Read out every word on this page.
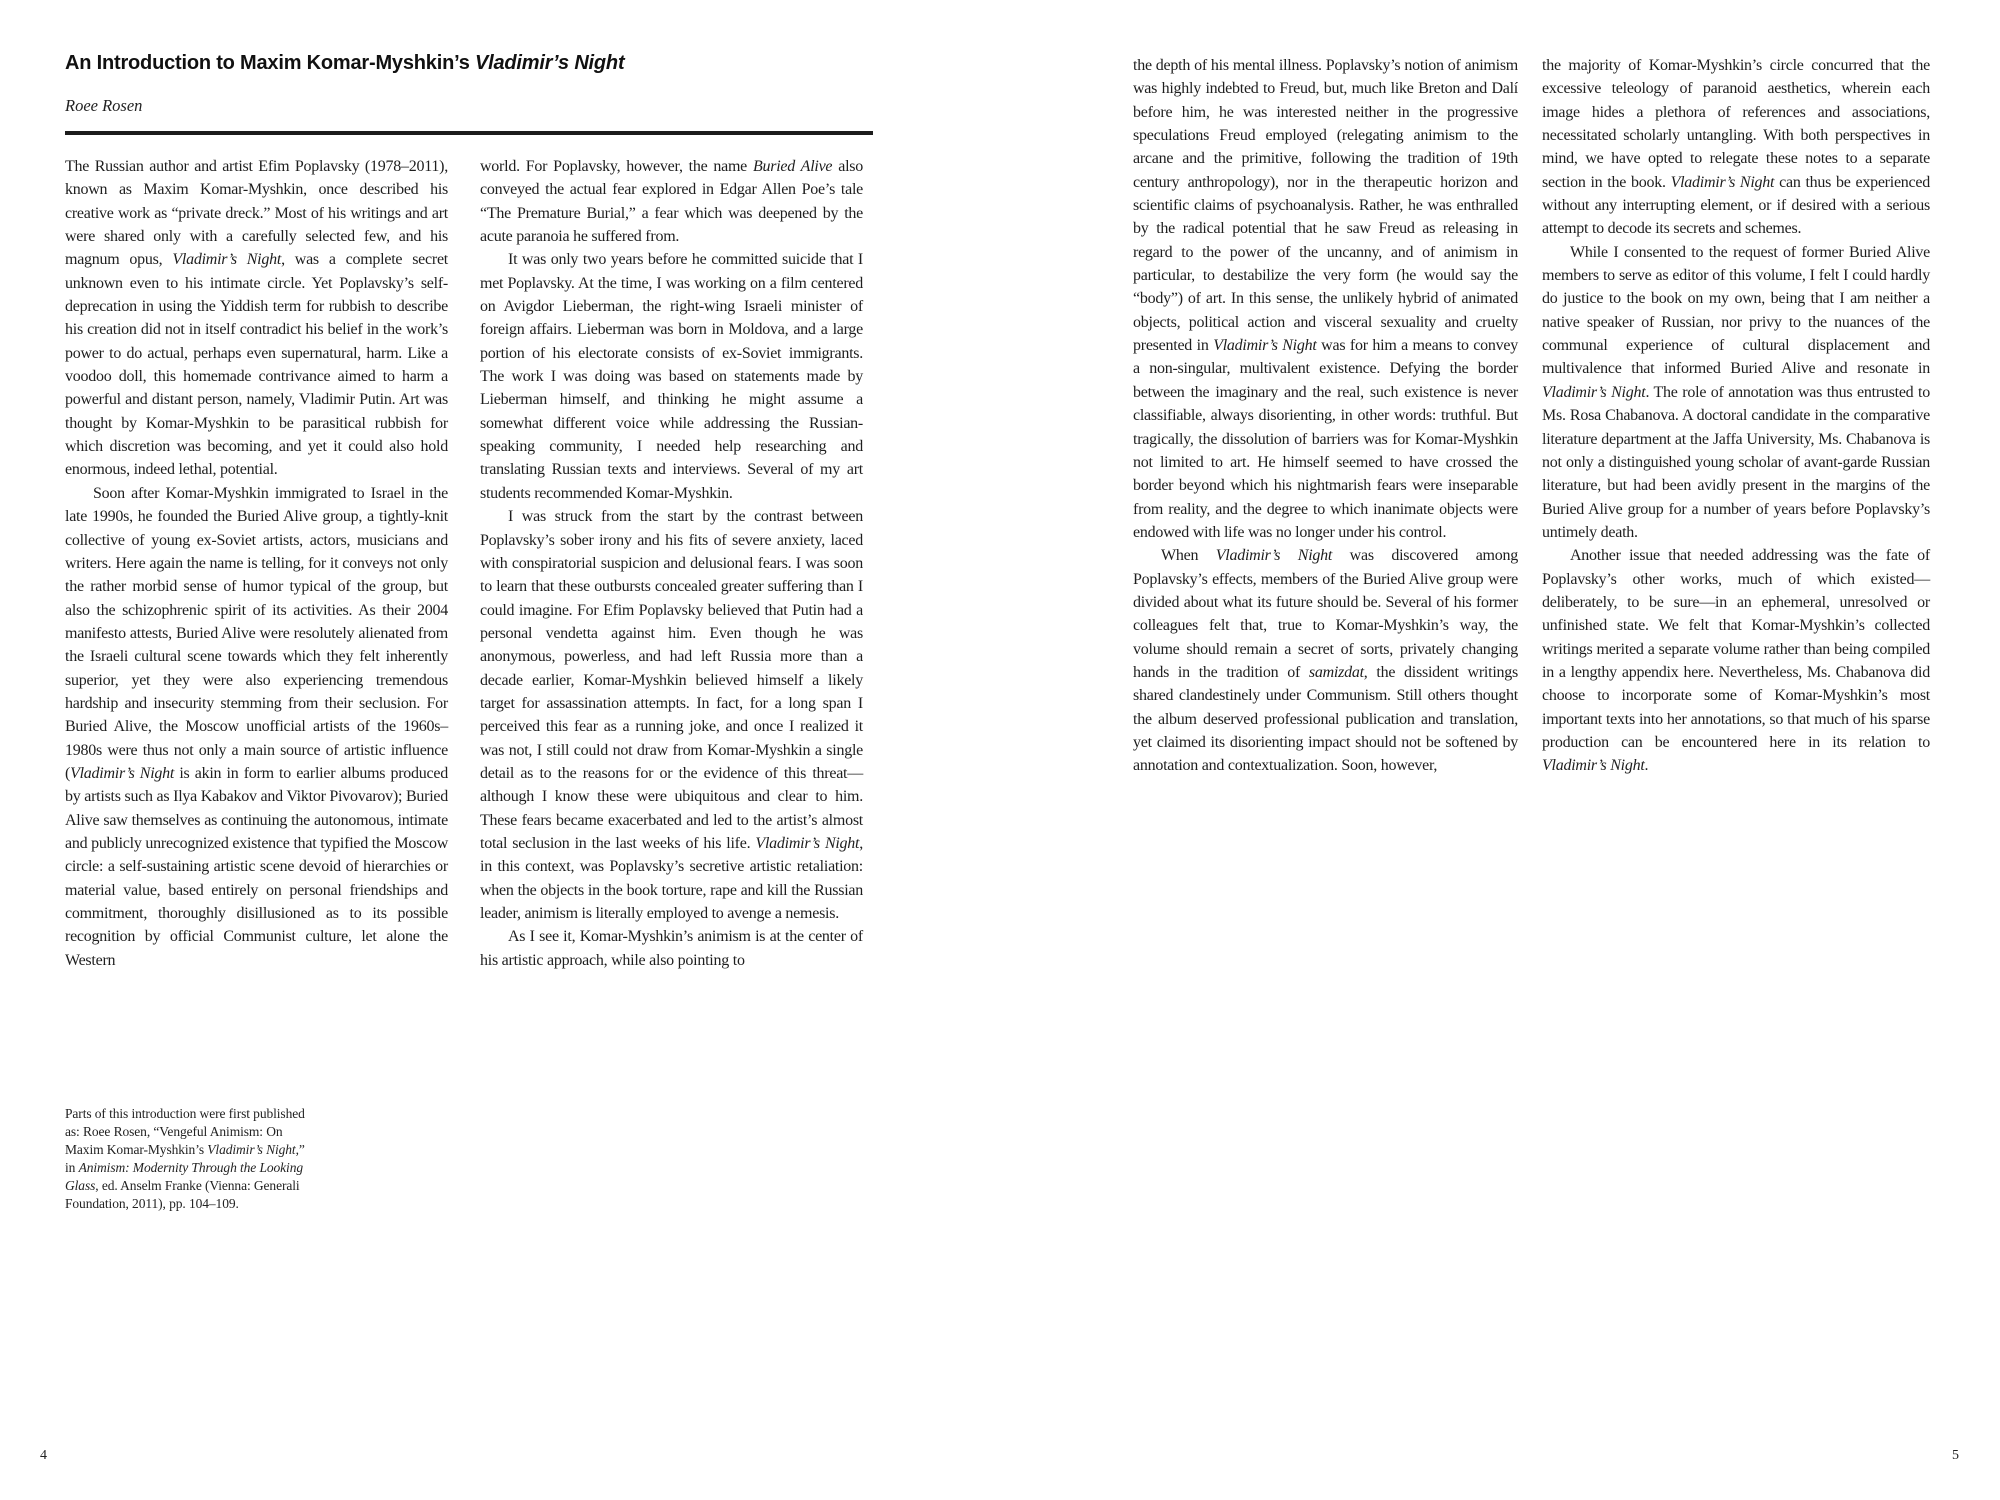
An Introduction to Maxim Komar-Myshkin’s Vladimir’s Night
Roee Rosen

The Russian author and artist Efim Poplavsky (1978–2011), known as Maxim Komar-Myshkin, once described his creative work as “private dreck.” Most of his writings and art were shared only with a carefully selected few, and his magnum opus, Vladimir’s Night, was a complete secret unknown even to his intimate circle. Yet Poplavsky’s self-deprecation in using the Yiddish term for rubbish to describe his creation did not in itself contradict his belief in the work’s power to do actual, perhaps even supernatural, harm. Like a voodoo doll, this homemade contrivance aimed to harm a powerful and distant person, namely, Vladimir Putin. Art was thought by Komar-Myshkin to be parasitical rubbish for which discretion was becoming, and yet it could also hold enormous, indeed lethal, potential.

Soon after Komar-Myshkin immigrated to Israel in the late 1990s, he founded the Buried Alive group, a tightly-knit collective of young ex-Soviet artists, actors, musicians and writers. Here again the name is telling, for it conveys not only the rather morbid sense of humor typical of the group, but also the schizophrenic spirit of its activities. As their 2004 manifesto attests, Buried Alive were resolutely alienated from the Israeli cultural scene towards which they felt inherently superior, yet they were also experiencing tremendous hardship and insecurity stemming from their seclusion. For Buried Alive, the Moscow unofficial artists of the 1960s–1980s were thus not only a main source of artistic influence (Vladimir’s Night is akin in form to earlier albums produced by artists such as Ilya Kabakov and Viktor Pivovarov); Buried Alive saw themselves as continuing the autonomous, intimate and publicly unrecognized existence that typified the Moscow circle: a self-sustaining artistic scene devoid of hierarchies or material value, based entirely on personal friendships and commitment, thoroughly disillusioned as to its possible recognition by official Communist culture, let alone the Western

world. For Poplavsky, however, the name Buried Alive also conveyed the actual fear explored in Edgar Allen Poe’s tale “The Premature Burial,” a fear which was deepened by the acute paranoia he suffered from.

It was only two years before he committed suicide that I met Poplavsky. At the time, I was working on a film centered on Avigdor Lieberman, the right-wing Israeli minister of foreign affairs. Lieberman was born in Moldova, and a large portion of his electorate consists of ex-Soviet immigrants. The work I was doing was based on statements made by Lieberman himself, and thinking he might assume a somewhat different voice while addressing the Russian-speaking community, I needed help researching and translating Russian texts and interviews. Several of my art students recommended Komar-Myshkin.

I was struck from the start by the contrast between Poplavsky’s sober irony and his fits of severe anxiety, laced with conspiratorial suspicion and delusional fears. I was soon to learn that these outbursts concealed greater suffering than I could imagine. For Efim Poplavsky believed that Putin had a personal vendetta against him. Even though he was anonymous, powerless, and had left Russia more than a decade earlier, Komar-Myshkin believed himself a likely target for assassination attempts. In fact, for a long span I perceived this fear as a running joke, and once I realized it was not, I still could not draw from Komar-Myshkin a single detail as to the reasons for or the evidence of this threat—although I know these were ubiquitous and clear to him. These fears became exacerbated and led to the artist’s almost total seclusion in the last weeks of his life. Vladimir’s Night, in this context, was Poplavsky’s secretive artistic retaliation: when the objects in the book torture, rape and kill the Russian leader, animism is literally employed to avenge a nemesis.

As I see it, Komar-Myshkin’s animism is at the center of his artistic approach, while also pointing to

Parts of this introduction were first published as: Roee Rosen, “Vengeful Animism: On Maxim Komar-Myshkin’s Vladimir’s Night,” in Animism: Modernity Through the Looking Glass, ed. Anselm Franke (Vienna: Generali Foundation, 2011), pp. 104–109.
4

the depth of his mental illness. Poplavsky’s notion of animism was highly indebted to Freud, but, much like Breton and Dalí before him, he was interested neither in the progressive speculations Freud employed (relegating animism to the arcane and the primitive, following the tradition of 19th century anthropology), nor in the therapeutic horizon and scientific claims of psychoanalysis. Rather, he was enthralled by the radical potential that he saw Freud as releasing in regard to the power of the uncanny, and of animism in particular, to destabilize the very form (he would say the “body”) of art. In this sense, the unlikely hybrid of animated objects, political action and visceral sexuality and cruelty presented in Vladimir’s Night was for him a means to convey a non-singular, multivalent existence. Defying the border between the imaginary and the real, such existence is never classifiable, always disorienting, in other words: truthful. But tragically, the dissolution of barriers was for Komar-Myshkin not limited to art. He himself seemed to have crossed the border beyond which his nightmarish fears were inseparable from reality, and the degree to which inanimate objects were endowed with life was no longer under his control.

When Vladimir’s Night was discovered among Poplavsky’s effects, members of the Buried Alive group were divided about what its future should be. Several of his former colleagues felt that, true to Komar-Myshkin’s way, the volume should remain a secret of sorts, privately changing hands in the tradition of samizdat, the dissident writings shared clandestinely under Communism. Still others thought the album deserved professional publication and translation, yet claimed its disorienting impact should not be softened by annotation and contextualization. Soon, however,

the majority of Komar-Myshkin’s circle concurred that the excessive teleology of paranoid aesthetics, wherein each image hides a plethora of references and associations, necessitated scholarly untangling. With both perspectives in mind, we have opted to relegate these notes to a separate section in the book. Vladimir’s Night can thus be experienced without any interrupting element, or if desired with a serious attempt to decode its secrets and schemes.

While I consented to the request of former Buried Alive members to serve as editor of this volume, I felt I could hardly do justice to the book on my own, being that I am neither a native speaker of Russian, nor privy to the nuances of the communal experience of cultural displacement and multivalence that informed Buried Alive and resonate in Vladimir’s Night. The role of annotation was thus entrusted to Ms. Rosa Chabanova. A doctoral candidate in the comparative literature department at the Jaffa University, Ms. Chabanova is not only a distinguished young scholar of avant-garde Russian literature, but had been avidly present in the margins of the Buried Alive group for a number of years before Poplavsky’s untimely death.

Another issue that needed addressing was the fate of Poplavsky’s other works, much of which existed—deliberately, to be sure—in an ephemeral, unresolved or unfinished state. We felt that Komar-Myshkin’s collected writings merited a separate volume rather than being compiled in a lengthy appendix here. Nevertheless, Ms. Chabanova did choose to incorporate some of Komar-Myshkin’s most important texts into her annotations, so that much of his sparse production can be encountered here in its relation to Vladimir’s Night.

5
